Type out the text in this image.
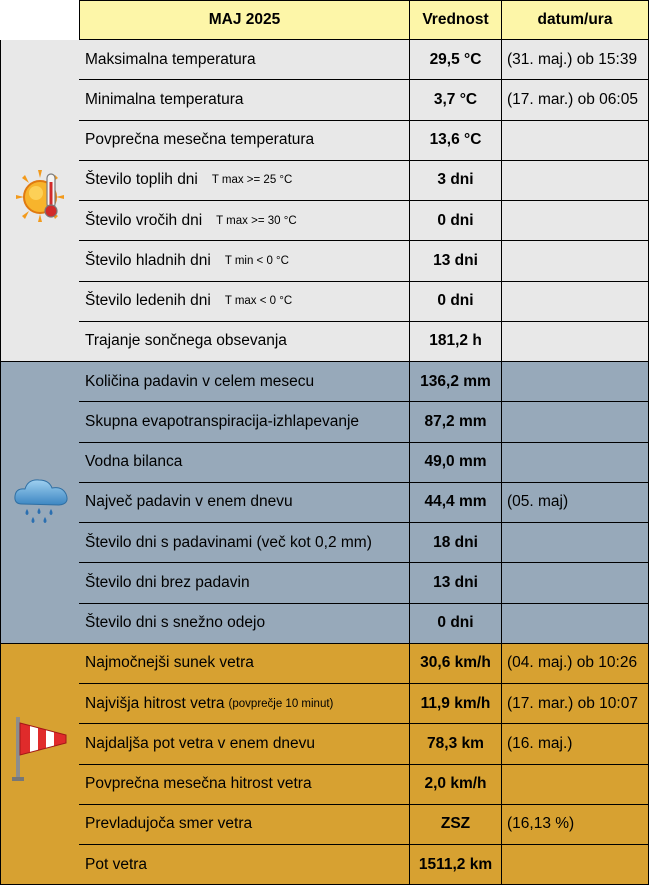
MAJ 2025	Vrednost	datum/ura
Maksimalna temperatura	29,5 °C	(31. maj.) ob 15:39
Minimalna temperatura	3,7 °C	(17. mar.) ob 06:05
Povprečna mesečna temperatura	13,6 °C
Število toplih dni T max >= 25 °C	3 dni
Število vročih dni T max >= 30 °C	0 dni
Število hladnih dni T min < 0 °C	13 dni
Število ledenih dni T max < 0 °C	0 dni
Trajanje sončnega obsevanja	181,2 h
Količina padavin v celem mesecu	136,2 mm
Skupna evapotranspiracija-izhlapevanje	87,2 mm
Vodna bilanca	49,0 mm
Največ padavin v enem dnevu	44,4 mm	(05. maj)
Število dni s padavinami (več kot 0,2 mm)	18 dni
Število dni brez padavin	13 dni
Število dni s snežno odejo	0 dni
Najmočnejši sunek vetra	30,6 km/h	(04. maj.) ob 10:26
Najvišja hitrost vetra (povprečje 10 minut)	11,9 km/h	(17. mar.) ob 10:07
Najdaljša pot vetra v enem dnevu	78,3 km	(16. maj.)
Povprečna mesečna hitrost vetra	2,0 km/h
Prevladujoča smer vetra	ZSZ	(16,13 %)
Pot vetra	1511,2 km
